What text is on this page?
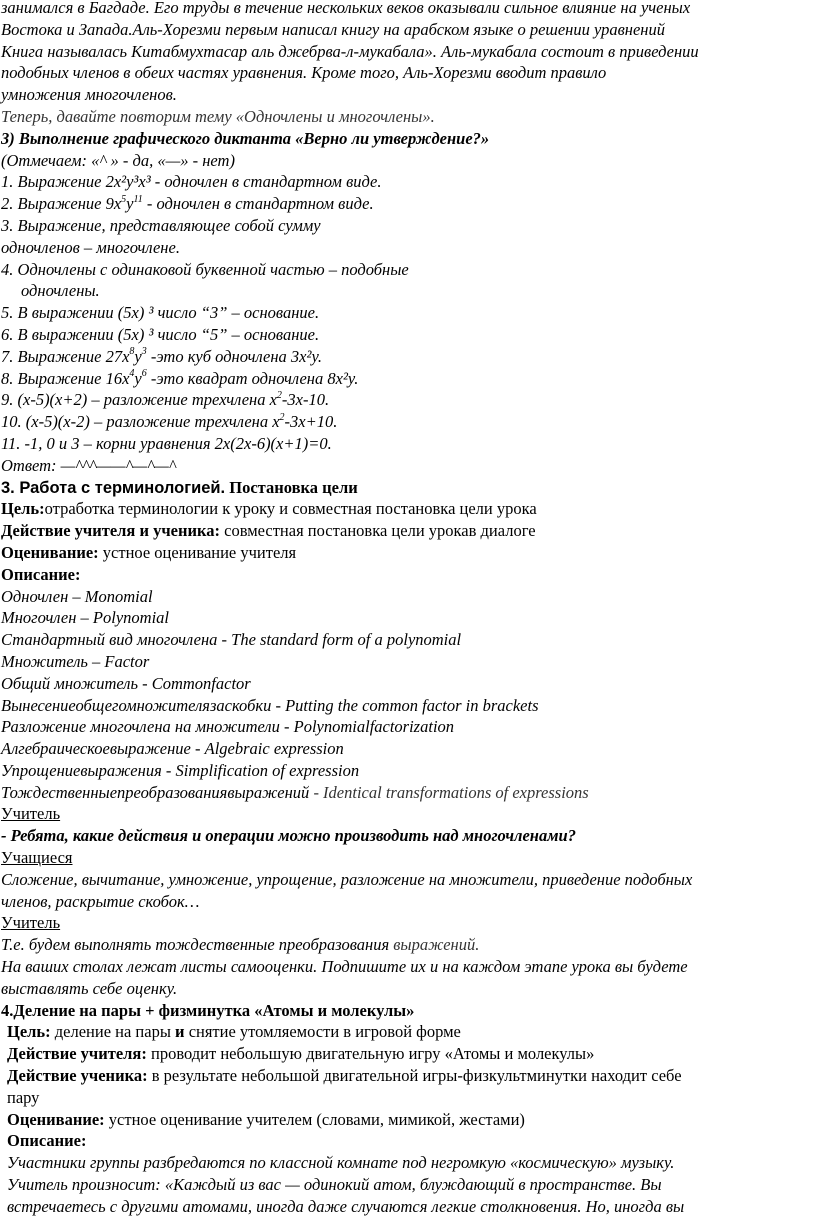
занимался в Багдаде. Его труды в течение нескольких веков оказывали сильное влияние на ученых
Востока и Запада.Аль-Хорезми первым написал книгу на арабском языке о решении уравнений
Книга называлась Китабмухтасар аль джебрва-л-мукабала». Аль-мукабала состоит в приведении
подобных членов в обеих частях уравнения. Кроме того, Аль-Хорезми вводит правило
умножения многочленов.
Теперь, давайте повторим тему «Одночлены и многочлены».
3) Выполнение графического диктанта «Верно ли утверждение?»
(Отмечаем: «^ » - да, «—» - нет)
1. Выражение 2x²y³x³ - одночлен в стандартном виде.
2. Выражение $9x^5y^{11}$ - одночлен в стандартном виде.
3. Выражение, представляющее собой сумму
одночленов – многочлене.
4. Одночлены с одинаковой буквенной частью – подобные
одночлены.
5. В выражении (5x) ³ число “3” – основание.
6. В выражении (5x) ³ число “5” – основание.
7. Выражение $27x^8y^3$ -это куб одночлена 3x²y.
8. Выражение $16x^4y^6$ -это квадрат одночлена 8x²y.
9. (x-5)(x+2) – разложение трехчлена $x^2-3x-10$.
10. (x-5)(x-2) – разложение трехчлена $x^2-3x+10$.
11. -1, 0 и 3 – корни уравнения 2x(2x-6)(x+1)=0.
Ответ: —^^^——^—^—^
3. Работа с терминологией. Постановка цели
Цель:отработка терминологии к уроку и совместная постановка цели урока
Действие учителя и ученика: совместная постановка цели урокав диалоге
Оценивание: устное оценивание учителя
Описание:
Одночлен – Monomial
Многочлен – Polynomial
Стандартный вид многочлена - The standard form of a polynomial
Множитель – Factor
Общий множитель - Commonfactor
Вынесениеобщегомножителязаскобки - Putting the common factor in brackets
Разложение многочлена на множители - Polynomialfactorization
Алгебраическоевыражение - Algebraic expression
Упрощениевыражения - Simplification of expression
Тождественныепреобразованиявыражений - Identical transformations of expressions
Учитель
- Ребята, какие действия и операции можно производить над многочленами?
Учащиеся
Сложение, вычитание, умножение, упрощение, разложение на множители, приведение подобных
членов, раскрытие скобок…
Учитель
Т.е. будем выполнять тождественные преобразования выражений.
На ваших столах лежат листы самооценки. Подпишите их и на каждом этапе урока вы будете
выставлять себе оценку.
4.Деление на пары + физминутка «Атомы и молекулы»
Цель: деление на пары и снятие утомляемости в игровой форме
Действие учителя: проводит небольшую двигательную игру «Атомы и молекулы»
Действие ученика: в результате небольшой двигательной игры-физкультминутки находит себе
пару
Оценивание: устное оценивание учителем (словами, мимикой, жестами)
Описание:
Участники группы разбредаются по классной комнате под негромкую «космическую» музыку.
Учитель произносит: «Каждый из вас — одинокий атом, блуждающий в пространстве. Вы
встречаетесь с другими атомами, иногда даже случаются легкие столкновения. Но, иногда вы
